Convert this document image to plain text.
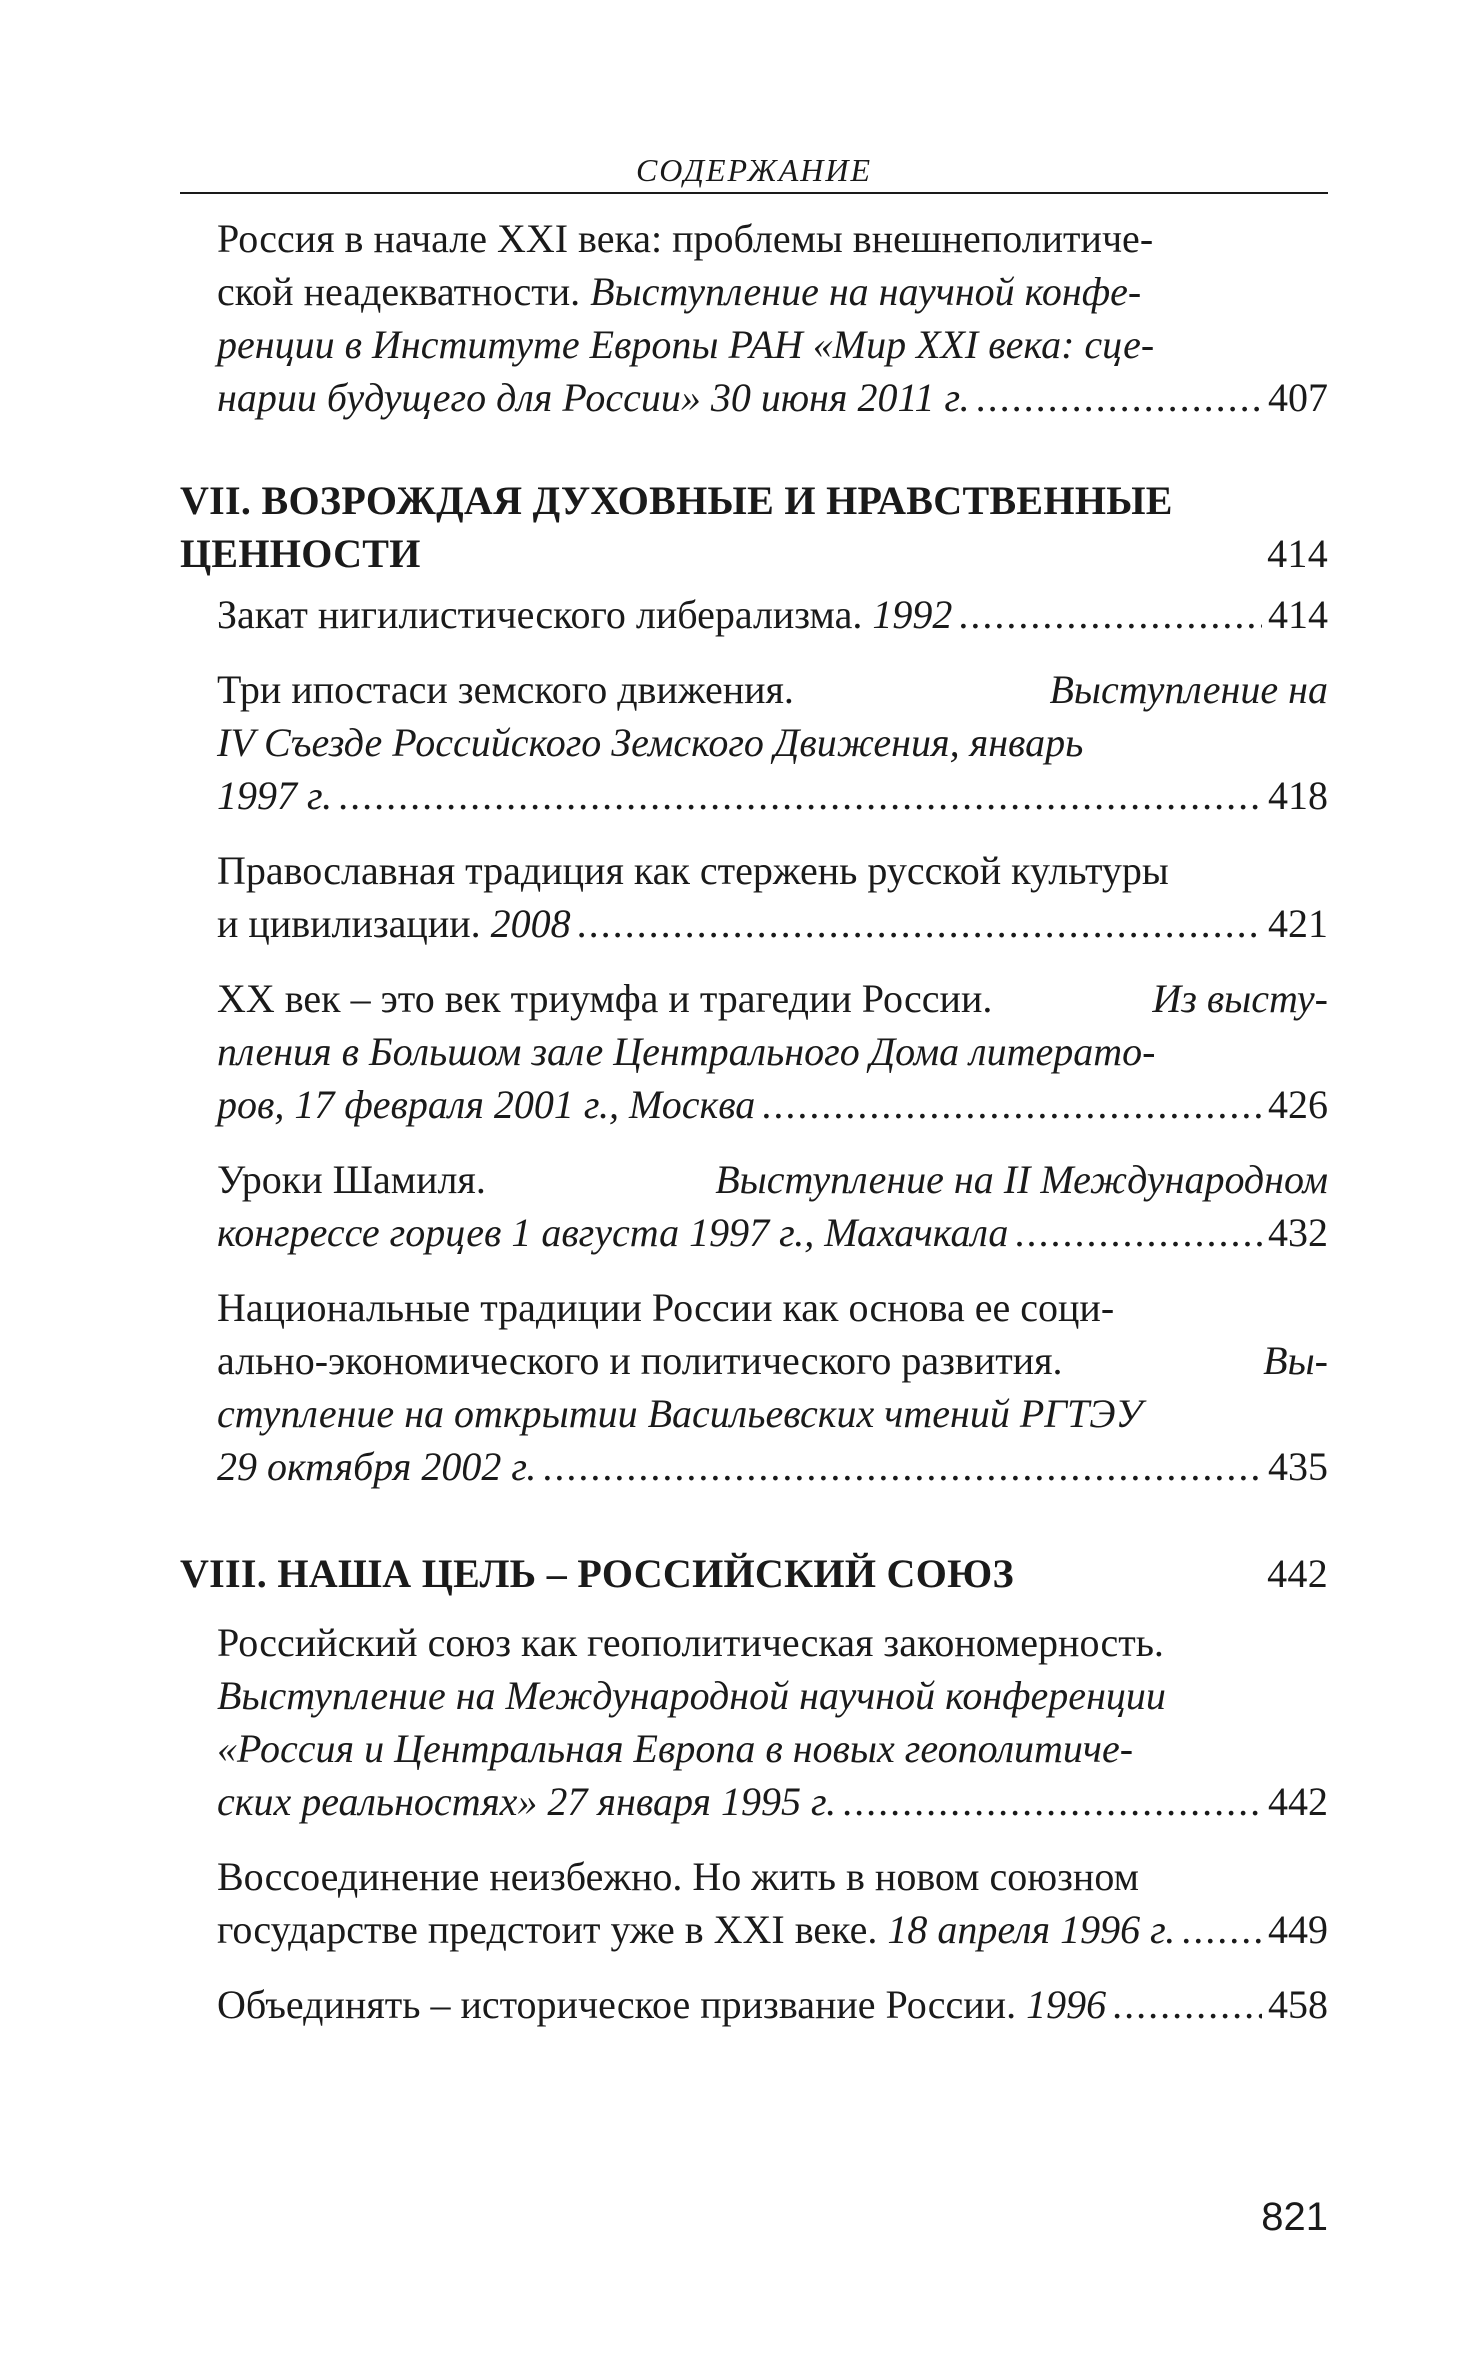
СОДЕРЖАНИЕ
Россия в начале XXI века: проблемы внешнеполитиче-
ской неадекватности. Выступление на научной конфе-
ренции в Институте Европы РАН «Мир XXI века: сце-
нарии будущего для России» 30 июня 2011 г. .....	407
VII. ВОЗРОЖДАЯ ДУХОВНЫЕ И НРАВСТВЕННЫЕ
ЦЕННОСТИ	414
Закат нигилистического либерализма.
1992 .....	414
Три ипостаси земского движения.	Выступление на
IV Съезде Российского Земского Движения, январь
1997 г. .....	418
Православная традиция как стержень русской культуры
и цивилизации.
2008 .....	421
XX век – это век триумфа и трагедии России.	Из высту-
пления в Большом зале Центрального Дома литерато-
ров, 17 февраля 2001 г., Москва .....	426
Уроки Шамиля.	Выступление на II Международном
конгрессе горцев 1 августа 1997 г., Махачкала .....	432
Национальные традиции России как основа ее соци-
ально-экономического и политического развития.	Вы-
ступление на открытии Васильевских чтений РГТЭУ
29 октября 2002 г. .....	435
VIII. НАША ЦЕЛЬ – РОССИЙСКИЙ СОЮЗ	442
Российский союз как геополитическая закономерность.
Выступление на Международной научной конференции
«Россия и Центральная Европа в новых геополитиче-
ских реальностях» 27 января 1995 г. .....	442
Воссоединение неизбежно. Но жить в новом союзном
государстве предстоит уже в XXI веке.
18 апреля 1996 г. ..... 449
Объединять – историческое призвание России.
1996 .....	458
821
